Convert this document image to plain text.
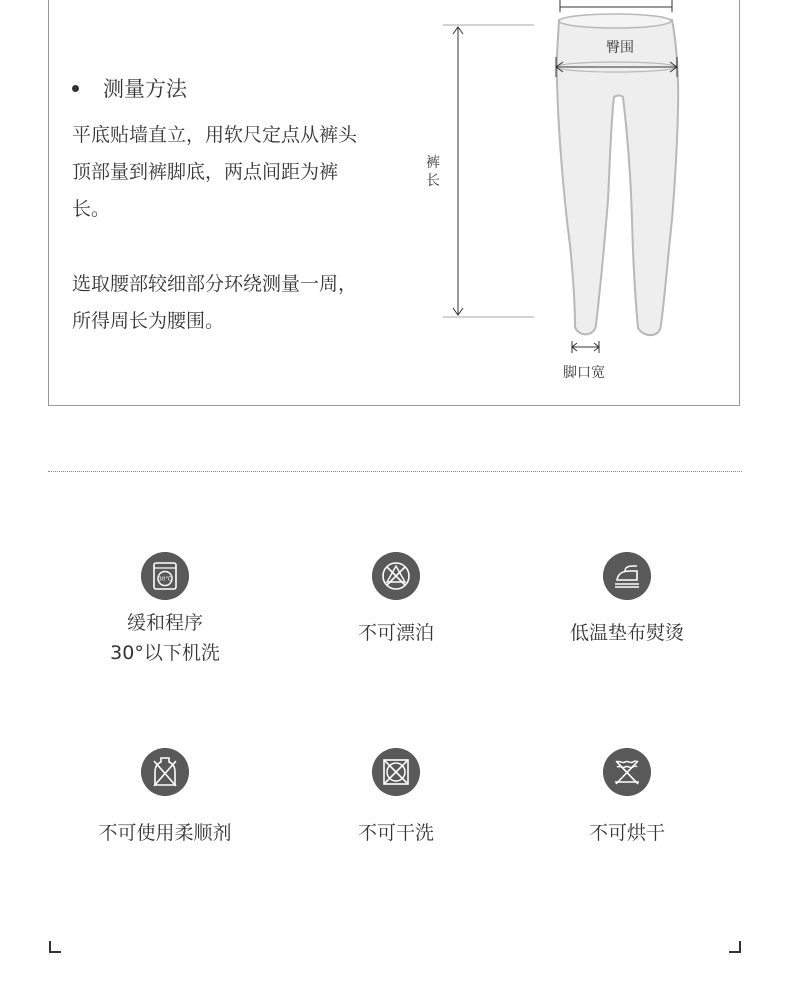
测量方法

平底贴墙直立，用软尺定点从裤头顶部量到裤脚底，两点间距为裤长。

选取腰部较细部分环绕测量一周，所得周长为腰围。

臀围
裤
长
脚口宽
30℃
缓和程序
30°以下机洗
不可漂泊	低温垫布熨烫
不可使用柔顺剂	不可干洗	不可烘干
